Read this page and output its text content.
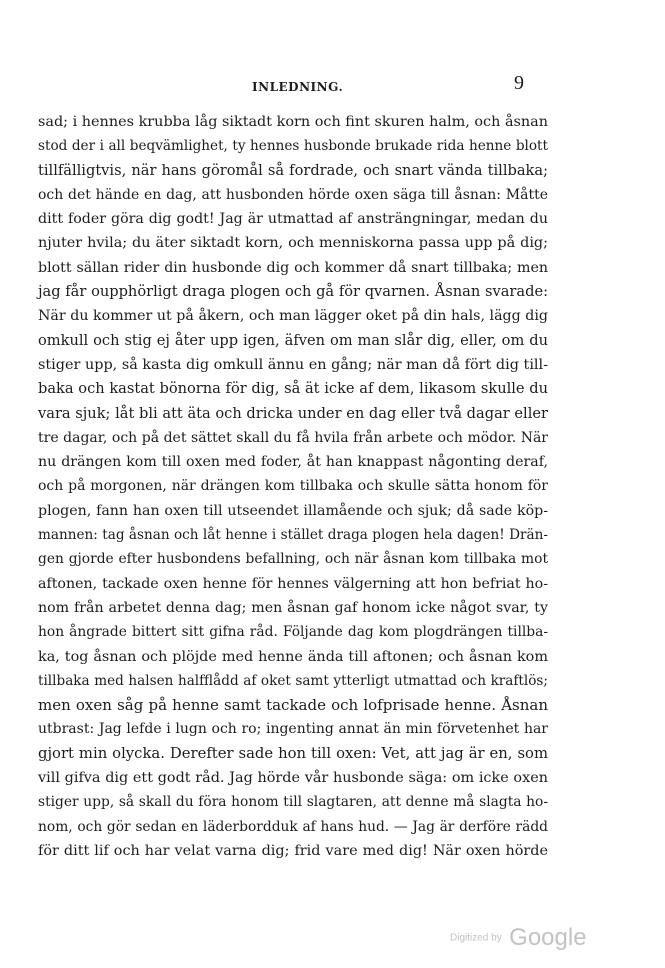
INLEDNING.	9
sad; i hennes krubba låg siktadt korn och fint skuren halm, och åsnan
stod der i all beqvämlighet, ty hennes husbonde brukade rida henne blott
tillfälligtvis, när hans göromål så fordrade, och snart vända tillbaka;
och det hände en dag, att husbonden hörde oxen säga till åsnan: Måtte
ditt foder göra dig godt! Jag är utmattad af ansträngningar, medan du
njuter hvila; du äter siktadt korn, och menniskorna passa upp på dig;
blott sällan rider din husbonde dig och kommer då snart tillbaka; men
jag får oupphörligt draga plogen och gå för qvarnen. Åsnan svarade:
När du kommer ut på åkern, och man lägger oket på din hals, lägg dig
omkull och stig ej åter upp igen, äfven om man slår dig, eller, om du
stiger upp, så kasta dig omkull ännu en gång; när man då fört dig till-
baka och kastat bönorna för dig, så ät icke af dem, likasom skulle du
vara sjuk; låt bli att äta och dricka under en dag eller två dagar eller
tre dagar, och på det sättet skall du få hvila från arbete och mödor. När
nu drängen kom till oxen med foder, åt han knappast någonting deraf,
och på morgonen, när drängen kom tillbaka och skulle sätta honom för
plogen, fann han oxen till utseendet illamående och sjuk; då sade köp-
mannen: tag åsnan och låt henne i stället draga plogen hela dagen! Drän-
gen gjorde efter husbondens befallning, och när åsnan kom tillbaka mot
aftonen, tackade oxen henne för hennes välgerning att hon befriat ho-
nom från arbetet denna dag; men åsnan gaf honom icke något svar, ty
hon ångrade bittert sitt gifna råd. Följande dag kom plogdrängen tillba-
ka, tog åsnan och plöjde med henne ända till aftonen; och åsnan kom
tillbaka med halsen halfflådd af oket samt ytterligt utmattad och kraftlös;
men oxen såg på henne samt tackade och lofprisade henne. Åsnan
utbrast: Jag lefde i lugn och ro; ingenting annat än min förvetenhet har
gjort min olycka. Derefter sade hon till oxen: Vet, att jag är en, som
vill gifva dig ett godt råd. Jag hörde vår husbonde säga: om icke oxen
stiger upp, så skall du föra honom till slagtaren, att denne må slagta ho-
nom, och gör sedan en läderbordduk af hans hud. — Jag är derföre rädd
för ditt lif och har velat varna dig; frid vare med dig! När oxen hörde
Digitized by Google
